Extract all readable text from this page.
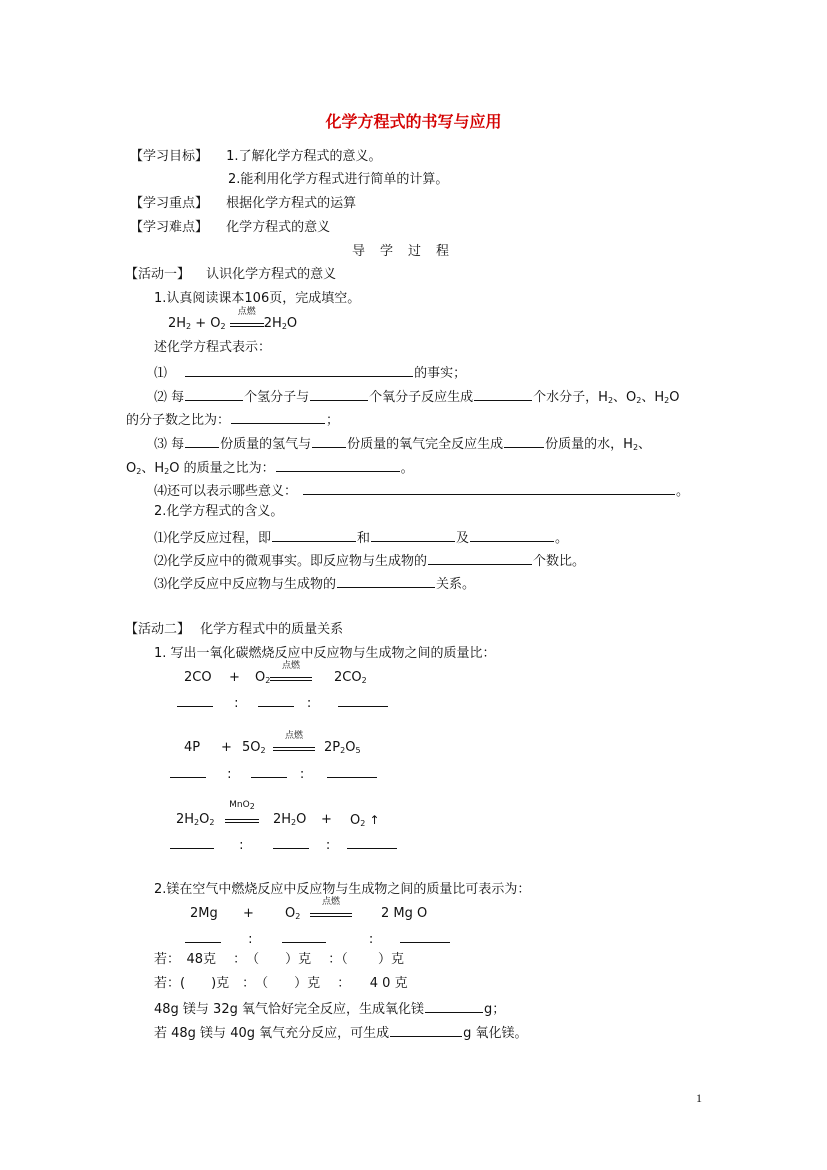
化学方程式的书写与应用
【学习目标】 1.了解化学方程式的意义。
2.能利用化学方程式进行简单的计算。
【学习重点】 根据化学方程式的运算
【学习难点】 化学方程式的意义
导　学　过　程
【活动一】 认识化学方程式的意义
1.认真阅读课本106页，完成填空。
$2H_2 + O_2$
点燃
$2H_2O$
述化学方程式表示：
⑴	的事实；
⑵ 每	个氢分子与	个氧分子反应生成	个水分子，$H_2$、$O_2$、$H_2O$
的分子数之比为：	；
⑶ 每	份质量的氢气与	份质量的氧气完全反应生成	份质量的水，$H_2$、
$O_2$、$H_2O$ 的质量之比为：	。
⑷还可以表示哪些意义：	。
2.化学方程式的含义。
⑴化学反应过程，即	和	及	。
⑵化学反应中的微观事实。即反应物与生成物的	个数比。
⑶化学反应中反应物与生成物的	关系。
【活动二】 化学方程式中的质量关系
1. 写出一氧化碳燃烧反应中反应物与生成物之间的质量比：
$2CO + O_2$
点燃
$2CO_2$
:	:
$4P + 5O_2$
点燃
$2P_2O_5$
:	:
$2H_2O_2$
MnO$_2$
$2H_2O + O_2$ ↑
:	:
2.镁在空气中燃烧反应中反应物与生成物之间的质量比可表示为：
$2Mg + O_2$
点燃
2 Mg O
:	:
若：　48克　 ：　（　　）克　 ：（　　 ）克
若：(　　)克　：　（　　）克　 ：　　4 0 克
48g 镁与 32g 氧气恰好完全反应，生成氧化镁	g；
若 48g 镁与 40g 氧气充分反应，可生成	g 氧化镁。
1
